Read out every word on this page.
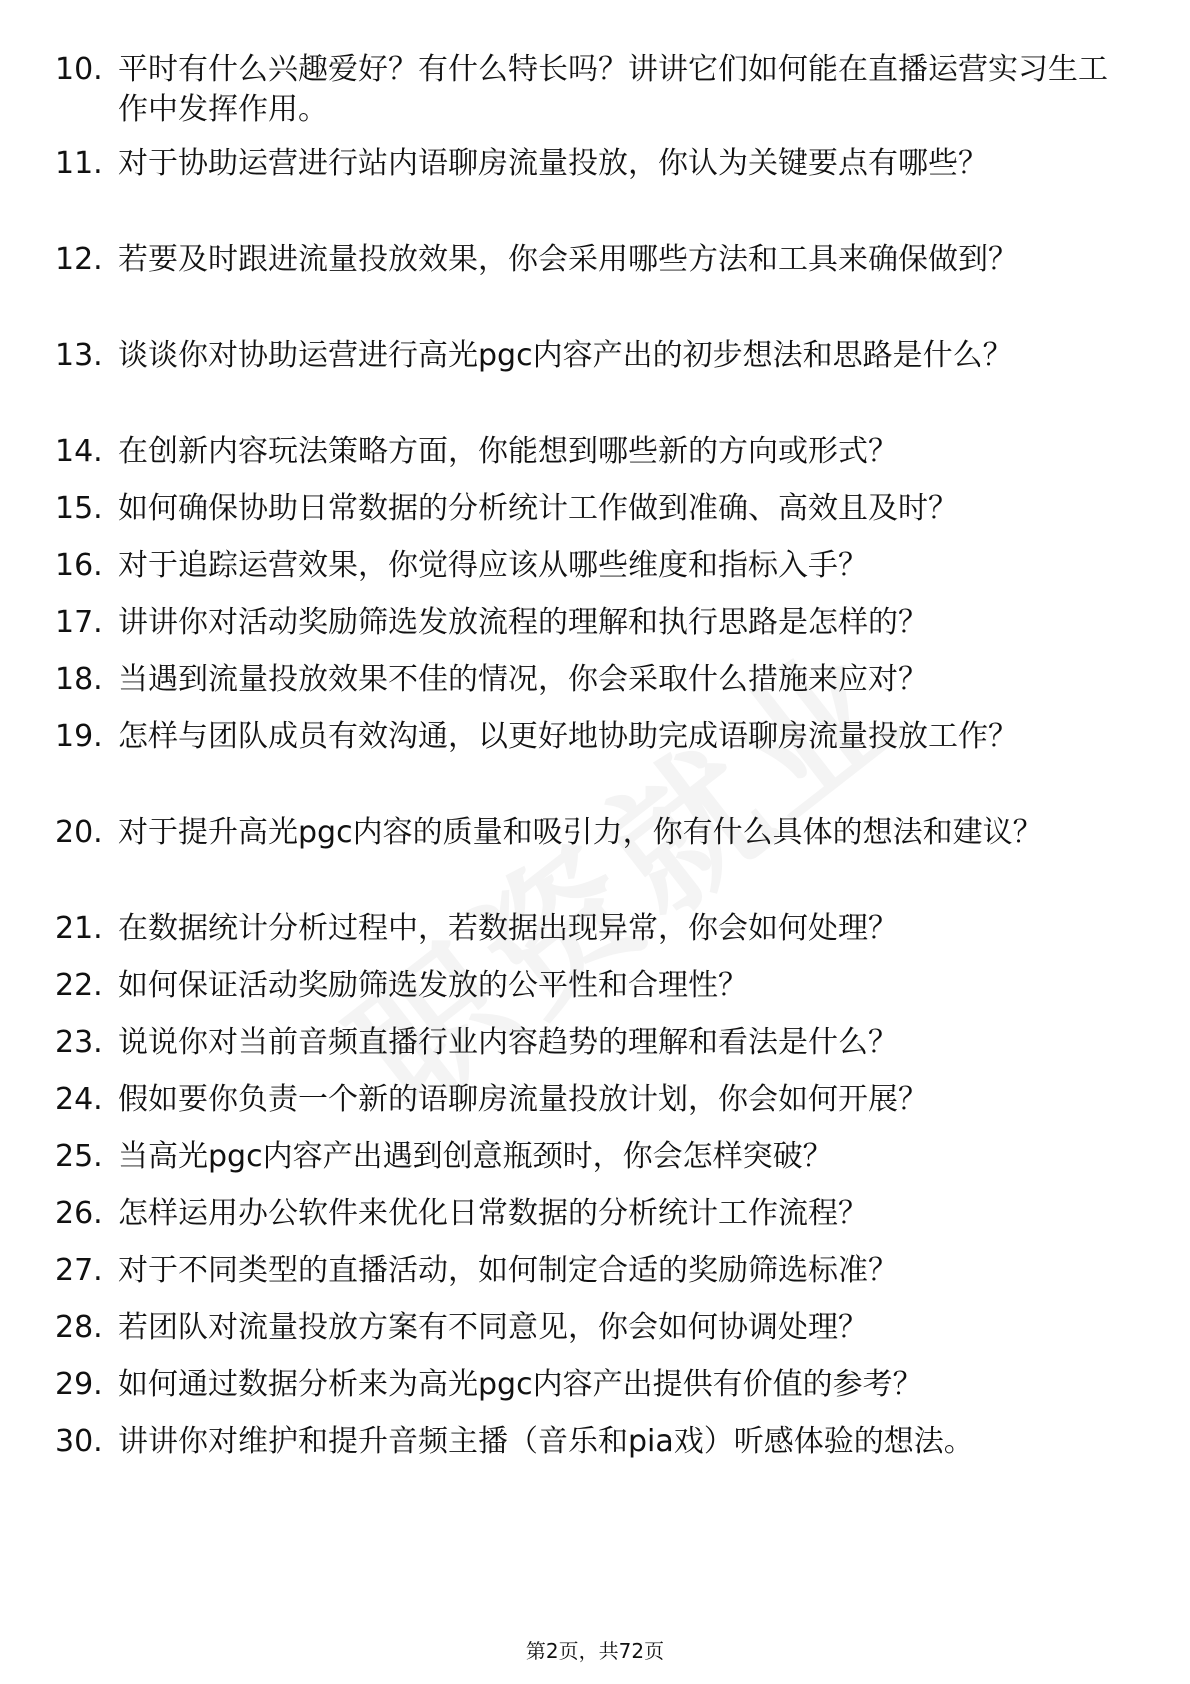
10. 平时有什么兴趣爱好？有什么特长吗？讲讲它们如何能在直播运营实习生工作中发挥作用。
11. 对于协助运营进行站内语聊房流量投放，你认为关键要点有哪些？
12. 若要及时跟进流量投放效果，你会采用哪些方法和工具来确保做到？
13. 谈谈你对协助运营进行高光pgc内容产出的初步想法和思路是什么？
14. 在创新内容玩法策略方面，你能想到哪些新的方向或形式？
15. 如何确保协助日常数据的分析统计工作做到准确、高效且及时？
16. 对于追踪运营效果，你觉得应该从哪些维度和指标入手？
17. 讲讲你对活动奖励筛选发放流程的理解和执行思路是怎样的？
18. 当遇到流量投放效果不佳的情况，你会采取什么措施来应对？
19. 怎样与团队成员有效沟通，以更好地协助完成语聊房流量投放工作？
20. 对于提升高光pgc内容的质量和吸引力，你有什么具体的想法和建议？
21. 在数据统计分析过程中，若数据出现异常，你会如何处理？
22. 如何保证活动奖励筛选发放的公平性和合理性？
23. 说说你对当前音频直播行业内容趋势的理解和看法是什么？
24. 假如要你负责一个新的语聊房流量投放计划，你会如何开展？
25. 当高光pgc内容产出遇到创意瓶颈时，你会怎样突破？
26. 怎样运用办公软件来优化日常数据的分析统计工作流程？
27. 对于不同类型的直播活动，如何制定合适的奖励筛选标准？
28. 若团队对流量投放方案有不同意见，你会如何协调处理？
29. 如何通过数据分析来为高光pgc内容产出提供有价值的参考？
30. 讲讲你对维护和提升音频主播（音乐和pia戏）听感体验的想法。
第2页，共72页
